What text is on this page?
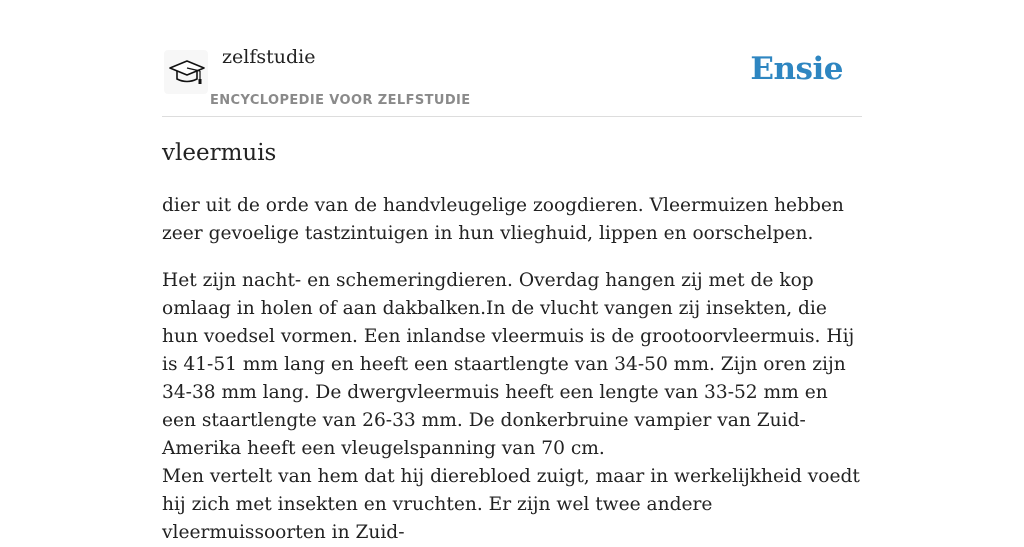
zelfstudie
ENCYCLOPEDIE VOOR ZELFSTUDIE
Ensie
vleermuis

dier uit de orde van de handvleugelige zoogdieren. Vleermuizen hebben zeer gevoelige tastzintuigen in hun vlieghuid, lippen en oorschelpen.

Het zijn nacht- en schemeringdieren. Overdag hangen zij met de kop omlaag in holen of aan dakbalken.In de vlucht vangen zij insekten, die hun voedsel vormen. Een inlandse vleermuis is de grootoorvleermuis. Hij is 41-51 mm lang en heeft een staartlengte van 34-50 mm. Zijn oren zijn 34-38 mm lang. De dwergvleermuis heeft een lengte van 33-52 mm en een staartlengte van 26-33 mm. De donkerbruine vampier van Zuid-Amerika heeft een vleugelspanning van 70 cm.

Men vertelt van hem dat hij dierebloed zuigt, maar in werkelijkheid voedt hij zich met insekten en vruchten. Er zijn wel twee andere vleermuissoorten in Zuid-
